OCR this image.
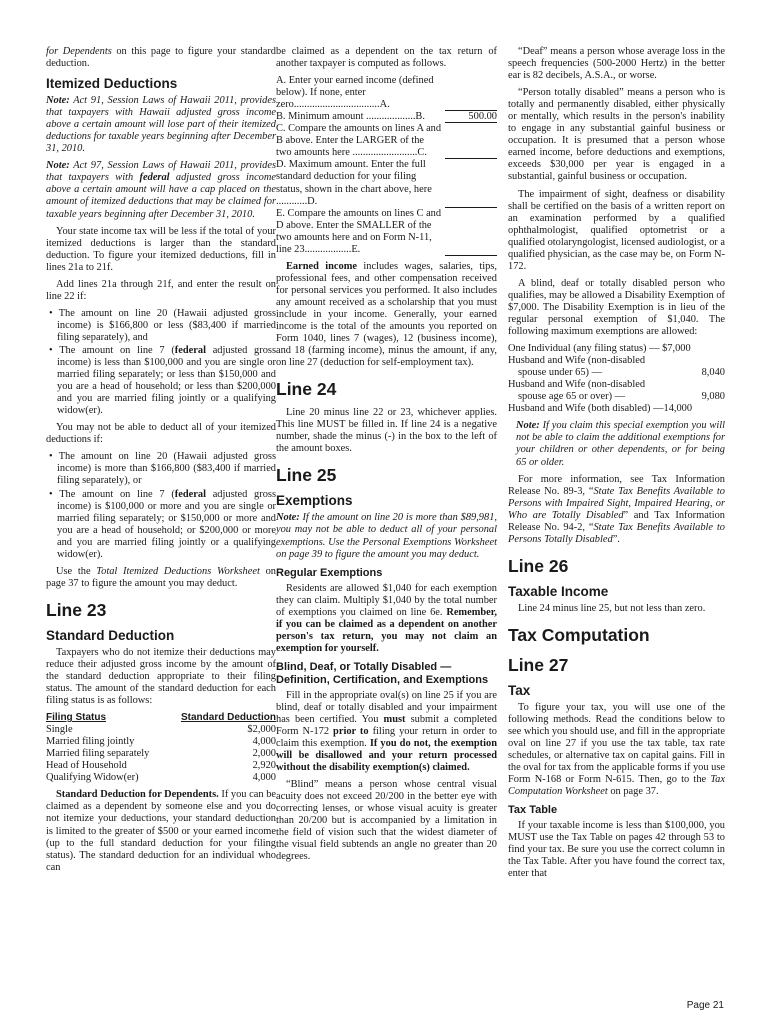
for Dependents on this page to figure your standard deduction.

Itemized Deductions

Note: Act 91, Session Laws of Hawaii 2011, provides that taxpayers with Hawaii adjusted gross income above a certain amount will lose part of their itemized deductions for taxable years beginning after December 31, 2010.

Note: Act 97, Session Laws of Hawaii 2011, provides that taxpayers with federal adjusted gross income above a certain amount will have a cap placed on the amount of itemized deductions that may be claimed for taxable years beginning after December 31, 2010.

Your state income tax will be less if the total of your itemized deductions is larger than the standard deduction. To figure your itemized deductions, fill in lines 21a to 21f.

Add lines 21a through 21f, and enter the result on line 22 if:

• The amount on line 20 (Hawaii adjusted gross income) is $166,800 or less ($83,400 if married filing separately), and
• The amount on line 7 (federal adjusted gross income) is less than $100,000 and you are single or married filing separately; or less than $150,000 and you are a head of household; or less than $200,000 and you are married filing jointly or a qualifying widow(er).

You may not be able to deduct all of your itemized deductions if:

• The amount on line 20 (Hawaii adjusted gross income) is more than $166,800 ($83,400 if married filing separately), or
• The amount on line 7 (federal adjusted gross income) is $100,000 or more and you are single or married filing separately; or $150,000 or more and you are a head of household; or $200,000 or more and you are married filing jointly or a qualifying widow(er).

Use the Total Itemized Deductions Worksheet on page 37 to figure the amount you may deduct.

Line 23
Standard Deduction

Taxpayers who do not itemize their deductions may reduce their adjusted gross income by the amount of the standard deduction appropriate to their filing status. The amount of the standard deduction for each filing status is as follows:

Filing Status	Standard Deduction
Single	$2,000
Married filing jointly	4,000
Married filing separately	2,000
Head of Household	2,920
Qualifying Widow(er)	4,000

Standard Deduction for Dependents. If you can be claimed as a dependent by someone else and you do not itemize your deductions, your standard deduction is limited to the greater of $500 or your earned income (up to the full standard deduction for your filing status). The standard deduction for an individual who can

be claimed as a dependent on the tax return of another taxpayer is computed as follows.

A. Enter your earned income (defined below). If none, enter zero.................................A.
B. Minimum amount ...................B.	500.00
C. Compare the amounts on lines A and B above. Enter the LARGER of the two amounts here .........................C.
D. Maximum amount. Enter the full standard deduction for your filing status, shown in the chart above, here ............D.
E. Compare the amounts on lines C and D above. Enter the SMALLER of the two amounts here and on Form N-11, line 23..................E.

Earned income includes wages, salaries, tips, professional fees, and other compensation received for personal services you performed. It also includes any amount received as a scholarship that you must include in your income. Generally, your earned income is the total of the amounts you reported on Form 1040, lines 7 (wages), 12 (business income), and 18 (farming income), minus the amount, if any, on line 27 (deduction for self-employment tax).

Line 24

Line 20 minus line 22 or 23, whichever applies. This line MUST be filled in. If line 24 is a negative number, shade the minus (-) in the box to the left of the amount boxes.

Line 25
Exemptions

Note: If the amount on line 20 is more than $89,981, you may not be able to deduct all of your personal exemptions. Use the Personal Exemptions Worksheet on page 39 to figure the amount you may deduct.

Regular Exemptions

Residents are allowed $1,040 for each exemption they can claim. Multiply $1,040 by the total number of exemptions you claimed on line 6e. Remember, if you can be claimed as a dependent on another person's tax return, you may not claim an exemption for yourself.

Blind, Deaf, or Totally Disabled — Definition, Certification, and Exemptions

Fill in the appropriate oval(s) on line 25 if you are blind, deaf or totally disabled and your impairment has been certified. You must submit a completed Form N-172 prior to filing your return in order to claim this exemption. If you do not, the exemption will be disallowed and your return processed without the disability exemption(s) claimed.

“Blind” means a person whose central visual acuity does not exceed 20/200 in the better eye with correcting lenses, or whose visual acuity is greater than 20/200 but is accompanied by a limitation in the field of vision such that the widest diameter of the visual field subtends an angle no greater than 20 degrees.

“Deaf” means a person whose average loss in the speech frequencies (500-2000 Hertz) in the better ear is 82 decibels, A.S.A., or worse.

“Person totally disabled” means a person who is totally and permanently disabled, either physically or mentally, which results in the person's inability to engage in any substantial gainful business or occupation. It is presumed that a person whose earned income, before deductions and exemptions, exceeds $30,000 per year is engaged in a substantial, gainful business or occupation.

The impairment of sight, deafness or disability shall be certified on the basis of a written report on an examination performed by a qualified ophthalmologist, qualified optometrist or a qualified otolaryngologist, licensed audiologist, or a qualified physician, as the case may be, on Form N-172.

A blind, deaf or totally disabled person who qualifies, may be allowed a Disability Exemption of $7,000. The Disability Exemption is in lieu of the regular personal exemption of $1,040. The following maximum exemptions are allowed:

One Individual (any filing status) — $7,000
Husband and Wife (non-disabled
spouse under 65) —	8,040
Husband and Wife (non-disabled
spouse age 65 or over) —	9,080
Husband and Wife (both disabled) —14,000

Note: If you claim this special exemption you will not be able to claim the additional exemptions for your children or other dependents, or for being 65 or older.

For more information, see Tax Information Release No. 89-3, “State Tax Benefits Available to Persons with Impaired Sight, Impaired Hearing, or Who are Totally Disabled” and Tax Information Release No. 94-2, “State Tax Benefits Available to Persons Totally Disabled”.

Line 26
Taxable Income

Line 24 minus line 25, but not less than zero.

Tax Computation
Line 27
Tax

To figure your tax, you will use one of the following methods. Read the conditions below to see which you should use, and fill in the appropriate oval on line 27 if you use the tax table, tax rate schedules, or alternative tax on capital gains. Fill in the oval for tax from the applicable forms if you use Form N-168 or Form N-615. Then, go to the Tax Computation Worksheet on page 37.

Tax Table

If your taxable income is less than $100,000, you MUST use the Tax Table on pages 42 through 53 to find your tax. Be sure you use the correct column in the Tax Table. After you have found the correct tax, enter that

Page 21
